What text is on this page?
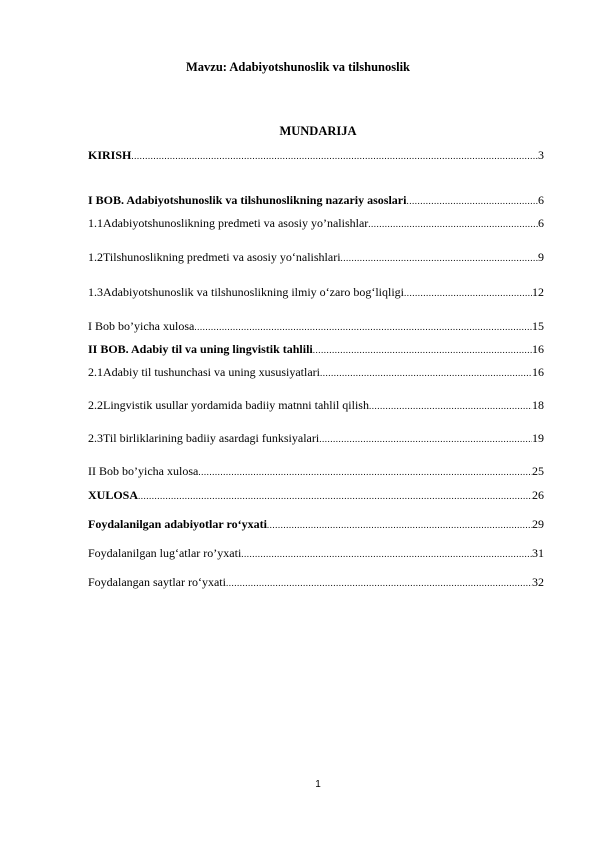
Mavzu: Adabiyotshunoslik va tilshunoslik
MUNDARIJA
KIRISH .....	3
I BOB. Adabiyotshunoslik va tilshunoslikning nazariy asoslari .....	6
1.1Adabiyotshunoslikning predmeti va asosiy yo’nalishlar .....	6
1.2Tilshunoslikning predmeti va asosiy yo‘nalishlari .....	9
1.3Adabiyotshunoslik va tilshunoslikning ilmiy o‘zaro bog‘liqligi .....	12
I Bob bo’yicha xulosa .....	15
II BOB. Adabiy til va uning lingvistik tahlili .....	16
2.1Adabiy til tushunchasi va uning xususiyatlari .....	16
2.2Lingvistik usullar yordamida badiiy matnni tahlil qilish .....	18
2.3Til birliklarining badiiy asardagi funksiyalari .....	19
II Bob bo’yicha xulosa .....	25
XULOSA .....	26
Foydalanilgan adabiyotlar ro‘yxati .....	29
Foydalanilgan lug‘atlar ro’yxati .....	31
Foydalangan saytlar ro‘yxati .....	32
1
